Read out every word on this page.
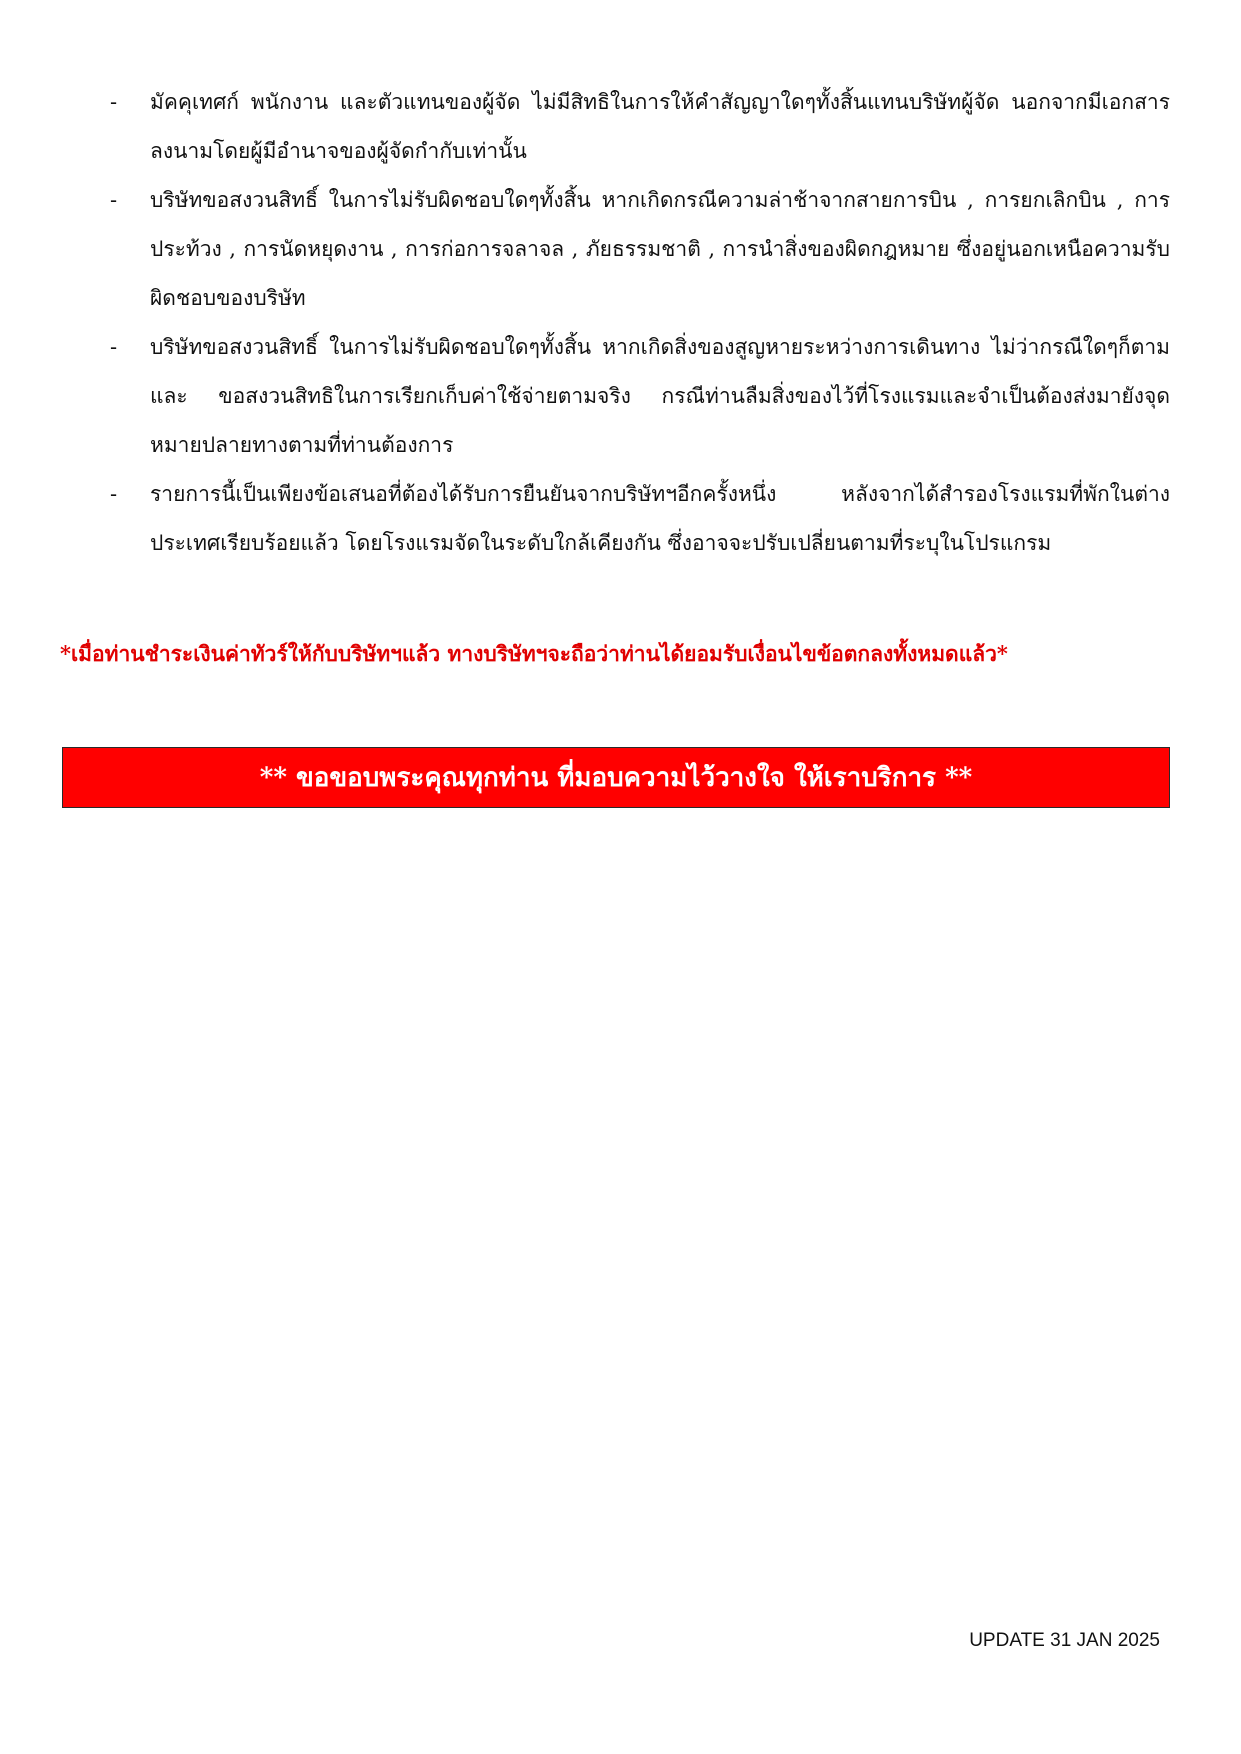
-	มัคคุเทศก์ พนักงาน และตัวแทนของผู้จัด ไม่มีสิทธิในการให้คำสัญญาใดๆทั้งสิ้นแทนบริษัทผู้จัด นอกจากมีเอกสารลงนามโดยผู้มีอำนาจของผู้จัดกำกับเท่านั้น
-	บริษัทขอสงวนสิทธิ์ ในการไม่รับผิดชอบใดๆทั้งสิ้น หากเกิดกรณีความล่าช้าจากสายการบิน , การยกเลิกบิน , การประท้วง , การนัดหยุดงาน , การก่อการจลาจล , ภัยธรรมชาติ , การนำสิ่งของผิดกฎหมาย ซึ่งอยู่นอกเหนือความรับผิดชอบของบริษัท
-	บริษัทขอสงวนสิทธิ์ ในการไม่รับผิดชอบใดๆทั้งสิ้น หากเกิดสิ่งของสูญหายระหว่างการเดินทาง ไม่ว่ากรณีใดๆก็ตาม และ ขอสงวนสิทธิในการเรียกเก็บค่าใช้จ่ายตามจริง กรณีท่านลืมสิ่งของไว้ที่โรงแรมและจำเป็นต้องส่งมายังจุดหมายปลายทางตามที่ท่านต้องการ
-	รายการนี้เป็นเพียงข้อเสนอที่ต้องได้รับการยืนยันจากบริษัทฯอีกครั้งหนึ่ง หลังจากได้สำรองโรงแรมที่พักในต่างประเทศเรียบร้อยแล้ว โดยโรงแรมจัดในระดับใกล้เคียงกัน ซึ่งอาจจะปรับเปลี่ยนตามที่ระบุในโปรแกรม

*เมื่อท่านชำระเงินค่าทัวร์ให้กับบริษัทฯแล้ว ทางบริษัทฯจะถือว่าท่านได้ยอมรับเงื่อนไขข้อตกลงทั้งหมดแล้ว*

** ขอขอบพระคุณทุกท่าน ที่มอบความไว้วางใจ ให้เราบริการ **
UPDATE 31 JAN 2025
